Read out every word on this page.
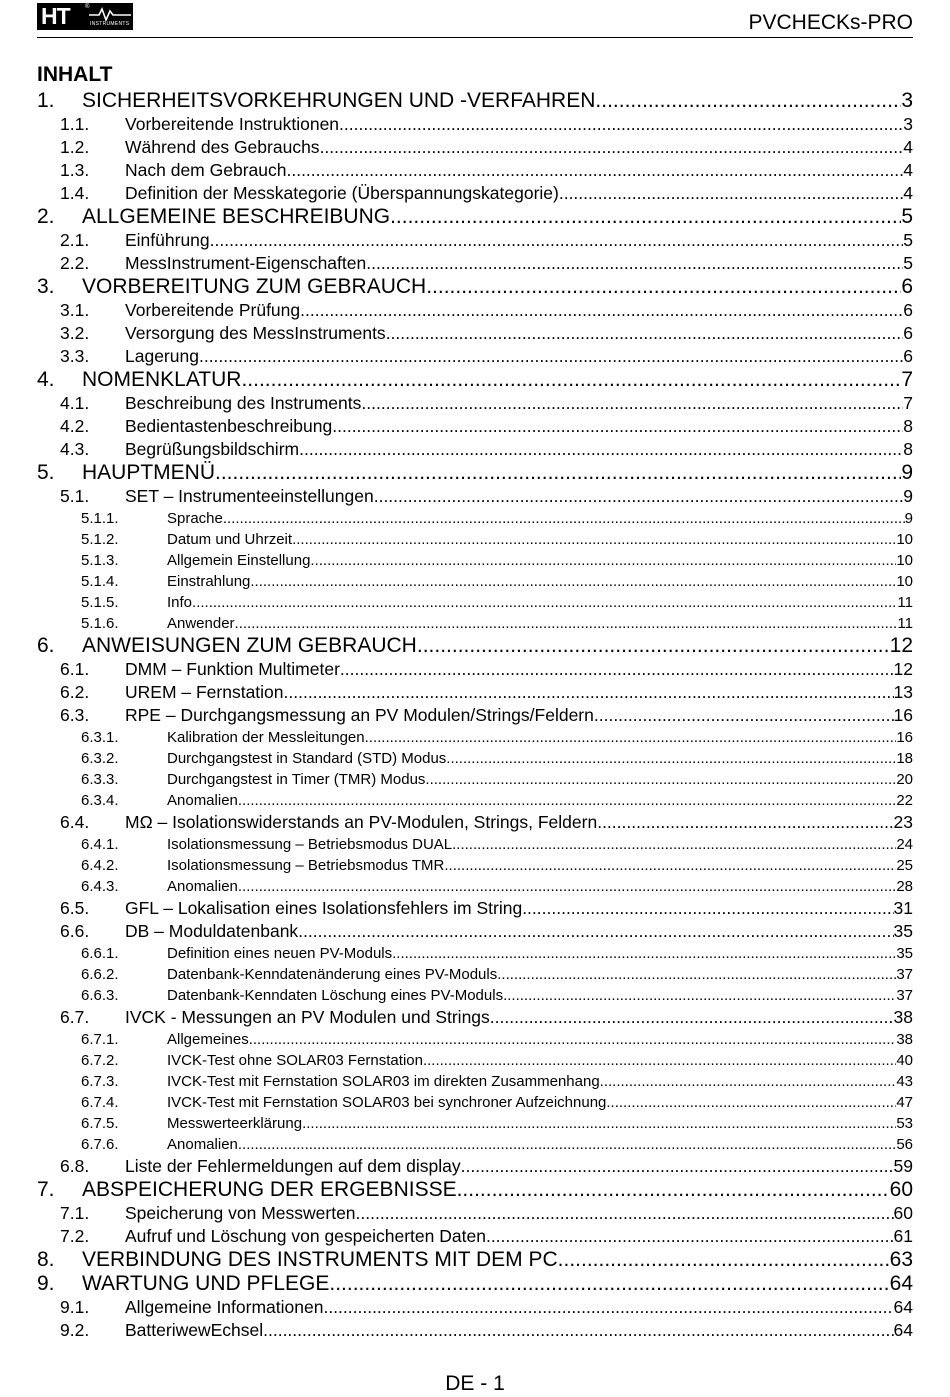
HT	®
INSTRUMENTS	PVCHECKs-PRO
INHALT
1.	SICHERHEITSVORKEHRUNGEN UND -VERFAHREN .....	3
1.1.	Vorbereitende Instruktionen .....	3
1.2.	Während des Gebrauchs .....	4
1.3.	Nach dem Gebrauch .....	4
1.4.	Definition der Messkategorie (Überspannungskategorie) .....	4
2.	ALLGEMEINE BESCHREIBUNG .....	5
2.1.	Einführung .....	5
2.2.	MessInstrument-Eigenschaften .....	5
3.	VORBEREITUNG ZUM GEBRAUCH .....	6
3.1.	Vorbereitende Prüfung .....	6
3.2.	Versorgung des MessInstruments .....	6
3.3.	Lagerung .....	6
4.	NOMENKLATUR .....	7
4.1.	Beschreibung des Instruments .....	7
4.2.	Bedientastenbeschreibung .....	8
4.3.	Begrüßungsbildschirm .....	8
5.	HAUPTMENÜ .....	9
5.1.	SET – Instrumenteeinstellungen .....	9
5.1.1.	Sprache .....	9
5.1.2.	Datum und Uhrzeit .....	10
5.1.3.	Allgemein Einstellung .....	10
5.1.4.	Einstrahlung .....	10
5.1.5.	Info .....	11
5.1.6.	Anwender .....	11
6.	ANWEISUNGEN ZUM GEBRAUCH .....	12
6.1.	DMM – Funktion Multimeter .....	12
6.2.	UREM – Fernstation .....	13
6.3.	RPE – Durchgangsmessung an PV Modulen/Strings/Feldern .....	16
6.3.1.	Kalibration der Messleitungen .....	16
6.3.2.	Durchgangstest in Standard (STD) Modus .....	18
6.3.3.	Durchgangstest in Timer (TMR) Modus .....	20
6.3.4.	Anomalien .....	22
6.4.	MΩ – Isolationswiderstands an PV-Modulen, Strings, Feldern .....	23
6.4.1.	Isolationsmessung – Betriebsmodus DUAL .....	24
6.4.2.	Isolationsmessung – Betriebsmodus TMR .....	25
6.4.3.	Anomalien .....	28
6.5.	GFL – Lokalisation eines Isolationsfehlers im String .....	31
6.6.	DB – Moduldatenbank .....	35
6.6.1.	Definition eines neuen PV-Moduls .....	35
6.6.2.	Datenbank-Kenndatenänderung eines PV-Moduls .....	37
6.6.3.	Datenbank-Kenndaten Löschung eines PV-Moduls .....	37
6.7.	IVCK - Messungen an PV Modulen und Strings .....	38
6.7.1.	Allgemeines .....	38
6.7.2.	IVCK-Test ohne SOLAR03 Fernstation .....	40
6.7.3.	IVCK-Test mit Fernstation SOLAR03 im direkten Zusammenhang .....	43
6.7.4.	IVCK-Test mit Fernstation SOLAR03 bei synchroner Aufzeichnung .....	47
6.7.5.	Messwerteerklärung .....	53
6.7.6.	Anomalien .....	56
6.8.	Liste der Fehlermeldungen auf dem display .....	59
7.	ABSPEICHERUNG DER ERGEBNISSE .....	60
7.1.	Speicherung von Messwerten .....	60
7.2.	Aufruf und Löschung von gespeicherten Daten .....	61
8.	VERBINDUNG DES INSTRUMENTS MIT DEM PC .....	63
9.	WARTUNG UND PFLEGE .....	64
9.1.	Allgemeine Informationen .....	64
9.2.	BatteriwewEchsel .....	64
DE - 1
